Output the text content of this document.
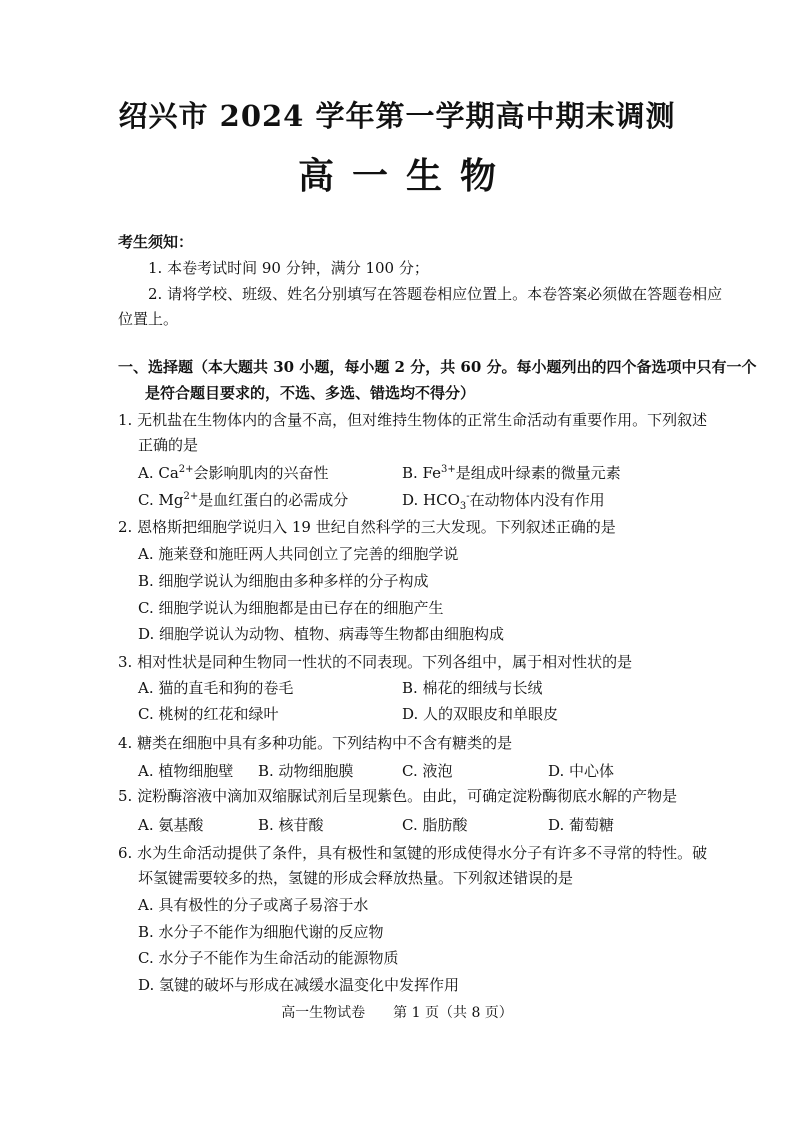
绍兴市 2024 学年第一学期高中期末调测
高一生物
考生须知：
1. 本卷考试时间 90 分钟，满分 100 分；
2. 请将学校、班级、姓名分别填写在答题卷相应位置上。本卷答案必须做在答题卷相应
位置上。
一、选择题（本大题共 30 小题，每小题 2 分，共 60 分。每小题列出的四个备选项中只有一个
是符合题目要求的，不选、多选、错选均不得分）
1. 无机盐在生物体内的含量不高，但对维持生物体的正常生命活动有重要作用。下列叙述
正确的是
A. $Ca^{2+}$会影响肌肉的兴奋性	B. $Fe^{3+}$是组成叶绿素的微量元素
C. $Mg^{2+}$是血红蛋白的必需成分	D. $HCO_3^-$在动物体内没有作用
2. 恩格斯把细胞学说归入 19 世纪自然科学的三大发现。下列叙述正确的是
A. 施莱登和施旺两人共同创立了完善的细胞学说
B. 细胞学说认为细胞由多种多样的分子构成
C. 细胞学说认为细胞都是由已存在的细胞产生
D. 细胞学说认为动物、植物、病毒等生物都由细胞构成
3. 相对性状是同种生物同一性状的不同表现。下列各组中，属于相对性状的是
A. 猫的直毛和狗的卷毛	B. 棉花的细绒与长绒
C. 桃树的红花和绿叶	D. 人的双眼皮和单眼皮
4. 糖类在细胞中具有多种功能。下列结构中不含有糖类的是
A. 植物细胞壁 B. 动物细胞膜	C. 液泡	D. 中心体
5. 淀粉酶溶液中滴加双缩脲试剂后呈现紫色。由此，可确定淀粉酶彻底水解的产物是
A. 氨基酸	B. 核苷酸	C. 脂肪酸	D. 葡萄糖
6. 水为生命活动提供了条件，具有极性和氢键的形成使得水分子有许多不寻常的特性。破
坏氢键需要较多的热，氢键的形成会释放热量。下列叙述错误的是
A. 具有极性的分子或离子易溶于水
B. 水分子不能作为细胞代谢的反应物
C. 水分子不能作为生命活动的能源物质
D. 氢键的破坏与形成在减缓水温变化中发挥作用
高一生物试卷　　第 1 页（共 8 页）
